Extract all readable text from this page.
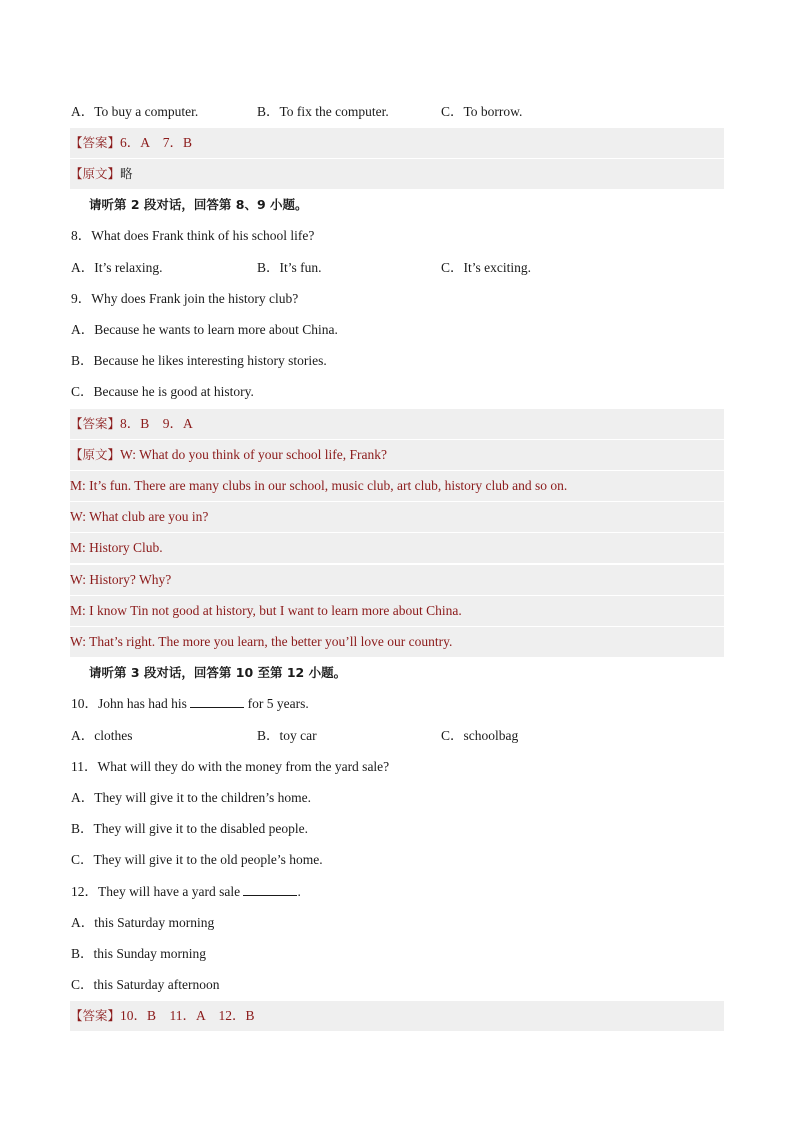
A．To buy a computer.	B．To fix the computer.	C．To borrow.
【答案】6．A　7．B
【原文】略
请听第 2 段对话，回答第 8、9 小题。
8．What does Frank think of his school life?
A．It’s relaxing.	B．It’s fun.	C．It’s exciting.
9．Why does Frank join the history club?
A．Because he wants to learn more about China.
B．Because he likes interesting history stories.
C．Because he is good at history.
【答案】8．B　9．A
【原文】W: What do you think of your school life, Frank?
M: It’s fun. There are many clubs in our school, music club, art club, history club and so on.
W: What club are you in?
M: History Club.
W: History? Why?
M: I know Tin not good at history, but I want to learn more about China.
W: That’s right. The more you learn, the better you’ll love our country.
请听第 3 段对话，回答第 10 至第 12 小题。
10．John has had his	for 5 years.
A．clothes	B．toy car	C．schoolbag
11．What will they do with the money from the yard sale?
A．They will give it to the children’s home.
B．They will give it to the disabled people.
C．They will give it to the old people’s home.
12．They will have a yard sale	.
A．this Saturday morning
B．this Sunday morning
C．this Saturday afternoon
【答案】10．B　11．A　12．B
